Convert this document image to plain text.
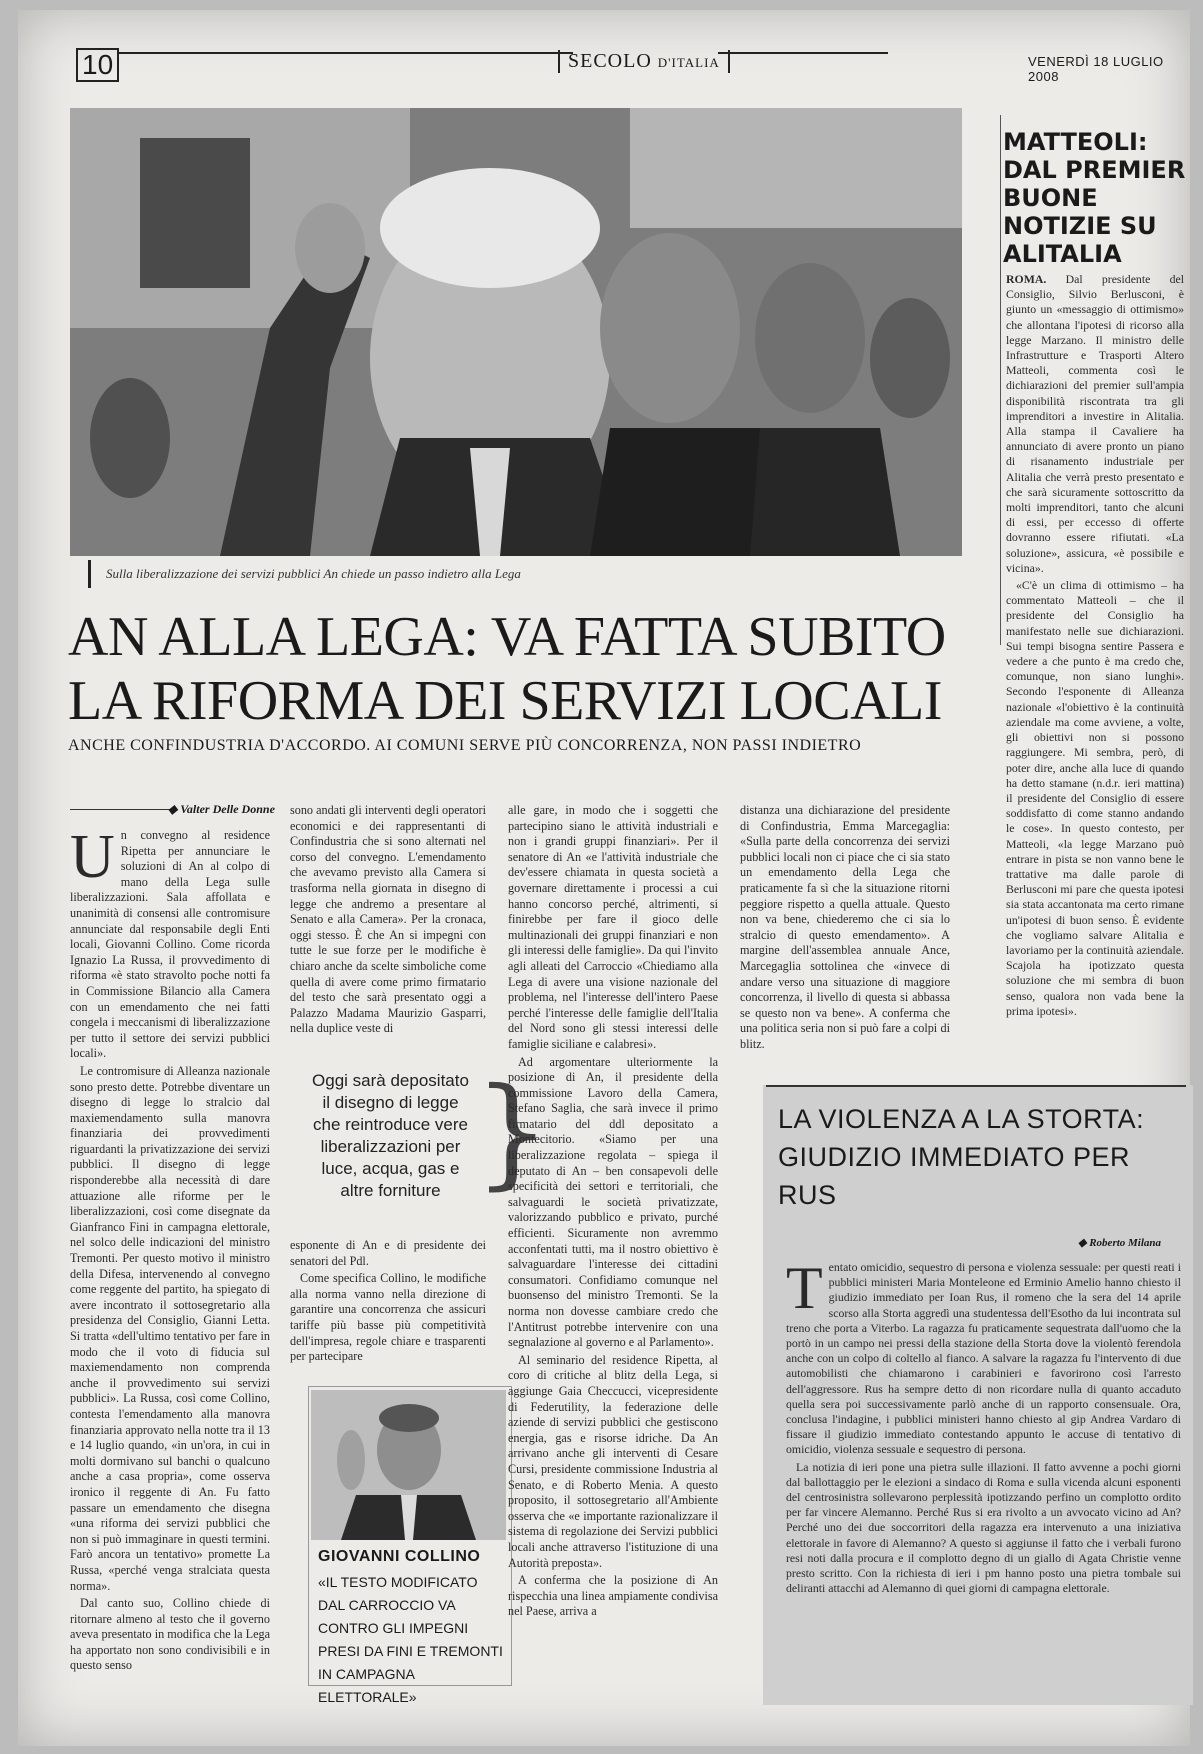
10	SECOLO D'ITALIA	VENERDÌ 18 LUGLIO 2008
Sulla liberalizzazione dei servizi pubblici An chiede un passo indietro alla Lega
AN ALLA LEGA: VA FATTA SUBITO
LA RIFORMA DEI SERVIZI LOCALI
ANCHE CONFINDUSTRIA D'ACCORDO. AI COMUNI SERVE PIÙ CONCORRENZA, NON PASSI INDIETRO
◆ Valter Delle Donne
U n convegno al residence Ripetta per annunciare le soluzioni di An al colpo di mano della Lega sulle liberalizzazioni. Sala affollata e unanimità di consensi alle contromisure annunciate dal responsabile degli Enti locali, Giovanni Collino. Come ricorda Ignazio La Russa, il provvedimento di riforma «è stato stravolto poche notti fa in Commissione Bilancio alla Camera con un emendamento che nei fatti congela i meccanismi di liberalizzazione per tutto il settore dei servizi pubblici locali».

Le contromisure di Alleanza nazionale sono presto dette. Potrebbe diventare un disegno di legge lo stralcio dal maxiemendamento sulla manovra finanziaria dei provvedimenti riguardanti la privatizzazione dei servizi pubblici. Il disegno di legge risponderebbe alla necessità di dare attuazione alle riforme per le liberalizzazioni, così come disegnate da Gianfranco Fini in campagna elettorale, nel solco delle indicazioni del ministro Tremonti. Per questo motivo il ministro della Difesa, intervenendo al convegno come reggente del partito, ha spiegato di avere incontrato il sottosegretario alla presidenza del Consiglio, Gianni Letta. Si tratta «dell'ultimo tentativo per fare in modo che il voto di fiducia sul maxiemendamento non comprenda anche il provvedimento sui servizi pubblici». La Russa, così come Collino, contesta l'emendamento alla manovra finanziaria approvato nella notte tra il 13 e 14 luglio quando, «in un'ora, in cui in molti dormivano sul banchi o qualcuno anche a casa propria», come osserva ironico il reggente di An. Fu fatto passare un emendamento che disegna «una riforma dei servizi pubblici che non si può immaginare in questi termini. Farò ancora un tentativo» promette La Russa, «perché venga stralciata questa norma».

Dal canto suo, Collino chiede di ritornare almeno al testo che il governo aveva presentato in modifica che la Lega ha apportato non sono condivisibili e in questo senso

sono andati gli interventi degli operatori economici e dei rappresentanti di Confindustria che si sono alternati nel corso del convegno. L'emendamento che avevamo previsto alla Camera si trasforma nella giornata in disegno di legge che andremo a presentare al Senato e alla Camera». Per la cronaca, oggi stesso. È che An si impegni con tutte le sue forze per le modifiche è chiaro anche da scelte simboliche come quella di avere come primo firmatario del testo che sarà presentato oggi a Palazzo Madama Maurizio Gasparri, nella duplice veste di

Oggi sarà depositato il disegno di legge che reintroduce vere liberalizzazioni per luce, acqua, gas e altre forniture }

esponente di An e di presidente dei senatori del Pdl.

Come specifica Collino, le modifiche alla norma vanno nella direzione di garantire una concorrenza che assicuri tariffe più basse più competitività dell'impresa, regole chiare e trasparenti per partecipare

GIOVANNI COLLINO
«IL TESTO MODIFICATO DAL CARROCCIO VA CONTRO GLI IMPEGNI PRESI DA FINI E TREMONTI IN CAMPAGNA ELETTORALE»

alle gare, in modo che i soggetti che partecipino siano le attività industriali e non i grandi gruppi finanziari». Per il senatore di An «e l'attività industriale che dev'essere chiamata in questa società a governare direttamente i processi a cui hanno concorso perché, altrimenti, si finirebbe per fare il gioco delle multinazionali dei gruppi finanziari e non gli interessi delle famiglie». Da qui l'invito agli alleati del Carroccio «Chiediamo alla Lega di avere una visione nazionale del problema, nel l'interesse dell'intero Paese perché l'interesse delle famiglie dell'Italia del Nord sono gli stessi interessi delle famiglie siciliane e calabresi».

Ad argomentare ulteriormente la posizione di An, il presidente della commissione Lavoro della Camera, Stefano Saglia, che sarà invece il primo firmatario del ddl depositato a Montecitorio. «Siamo per una liberalizzazione regolata – spiega il deputato di An – ben consapevoli delle specificità dei settori e territoriali, che salvaguardi le società privatizzate, valorizzando pubblico e privato, purché efficienti. Sicuramente non avremmo acconfentati tutti, ma il nostro obiettivo è salvaguardare l'interesse dei cittadini consumatori. Confidiamo comunque nel buonsenso del ministro Tremonti. Se la norma non dovesse cambiare credo che l'Antitrust potrebbe intervenire con una segnalazione al governo e al Parlamento».

Al seminario del residence Ripetta, al coro di critiche al blitz della Lega, si aggiunge Gaia Checcucci, vicepresidente di Federutility, la federazione delle aziende di servizi pubblici che gestiscono energia, gas e risorse idriche. Da An arrivano anche gli interventi di Cesare Cursi, presidente commissione Industria al Senato, e di Roberto Menia. A questo proposito, il sottosegretario all'Ambiente osserva che «e importante razionalizzare il sistema di regolazione dei Servizi pubblici locali anche attraverso l'istituzione di una Autorità preposta».

A conferma che la posizione di An rispecchia una linea ampiamente condivisa nel Paese, arriva a

distanza una dichiarazione del presidente di Confindustria, Emma Marcegaglia: «Sulla parte della concorrenza dei servizi pubblici locali non ci piace che ci sia stato un emendamento della Lega che praticamente fa sì che la situazione ritorni peggiore rispetto a quella attuale. Questo non va bene, chiederemo che ci sia lo stralcio di questo emendamento». A margine dell'assemblea annuale Ance, Marcegaglia sottolinea che «invece di andare verso una situazione di maggiore concorrenza, il livello di questa si abbassa se questo non va bene». A conferma che una politica seria non si può fare a colpi di blitz.

MATTEOLI: DAL PREMIER BUONE NOTIZIE SU ALITALIA

ROMA. Dal presidente del Consiglio, Silvio Berlusconi, è giunto un «messaggio di ottimismo» che allontana l'ipotesi di ricorso alla legge Marzano. Il ministro delle Infrastrutture e Trasporti Altero Matteoli, commenta così le dichiarazioni del premier sull'ampia disponibilità riscontrata tra gli imprenditori a investire in Alitalia. Alla stampa il Cavaliere ha annunciato di avere pronto un piano di risanamento industriale per Alitalia che verrà presto presentato e che sarà sicuramente sottoscritto da molti imprenditori, tanto che alcuni di essi, per eccesso di offerte dovranno essere rifiutati. «La soluzione», assicura, «è possibile e vicina».

«C'è un clima di ottimismo – ha commentato Matteoli – che il presidente del Consiglio ha manifestato nelle sue dichiarazioni. Sui tempi bisogna sentire Passera e vedere a che punto è ma credo che, comunque, non siano lunghi». Secondo l'esponente di Alleanza nazionale «l'obiettivo è la continuità aziendale ma come avviene, a volte, gli obiettivi non si possono raggiungere. Mi sembra, però, di poter dire, anche alla luce di quando ha detto stamane (n.d.r. ieri mattina) il presidente del Consiglio di essere soddisfatto di come stanno andando le cose». In questo contesto, per Matteoli, «la legge Marzano può entrare in pista se non vanno bene le trattative ma dalle parole di Berlusconi mi pare che questa ipotesi sia stata accantonata ma certo rimane un'ipotesi di buon senso. È evidente che vogliamo salvare Alitalia e lavoriamo per la continuità aziendale. Scajola ha ipotizzato questa soluzione che mi sembra di buon senso, qualora non vada bene la prima ipotesi».

LA VIOLENZA A LA STORTA:
GIUDIZIO IMMEDIATO PER RUS
◆ Roberto Milana
T entato omicidio, sequestro di persona e violenza sessuale: per questi reati i pubblici ministeri Maria Monteleone ed Erminio Amelio hanno chiesto il giudizio immediato per Ioan Rus, il romeno che la sera del 14 aprile scorso alla Storta aggredì una studentessa dell'Esotho da lui incontrata sul treno che porta a Viterbo. La ragazza fu praticamente sequestrata dall'uomo che la portò in un campo nei pressi della stazione della Storta dove la violentò ferendola anche con un colpo di coltello al fianco. A salvare la ragazza fu l'intervento di due automobilisti che chiamarono i carabinieri e favorirono così l'arresto dell'aggressore. Rus ha sempre detto di non ricordare nulla di quanto accaduto quella sera poi successivamente parlò anche di un rapporto consensuale. Ora, conclusa l'indagine, i pubblici ministeri hanno chiesto al gip Andrea Vardaro di fissare il giudizio immediato contestando appunto le accuse di tentativo di omicidio, violenza sessuale e sequestro di persona.

La notizia di ieri pone una pietra sulle illazioni. Il fatto avvenne a pochi giorni dal ballottaggio per le elezioni a sindaco di Roma e sulla vicenda alcuni esponenti del centrosinistra sollevarono perplessità ipotizzando perfino un complotto ordito per far vincere Alemanno. Perché Rus si era rivolto a un avvocato vicino ad An? Perché uno dei due soccorritori della ragazza era intervenuto a una iniziativa elettorale in favore di Alemanno? A questo si aggiunse il fatto che i verbali furono resi noti dalla procura e il complotto degno di un giallo di Agata Christie venne presto scritto. Con la richiesta di ieri i pm hanno posto una pietra tombale sui deliranti attacchi ad Alemanno di quei giorni di campagna elettorale.
